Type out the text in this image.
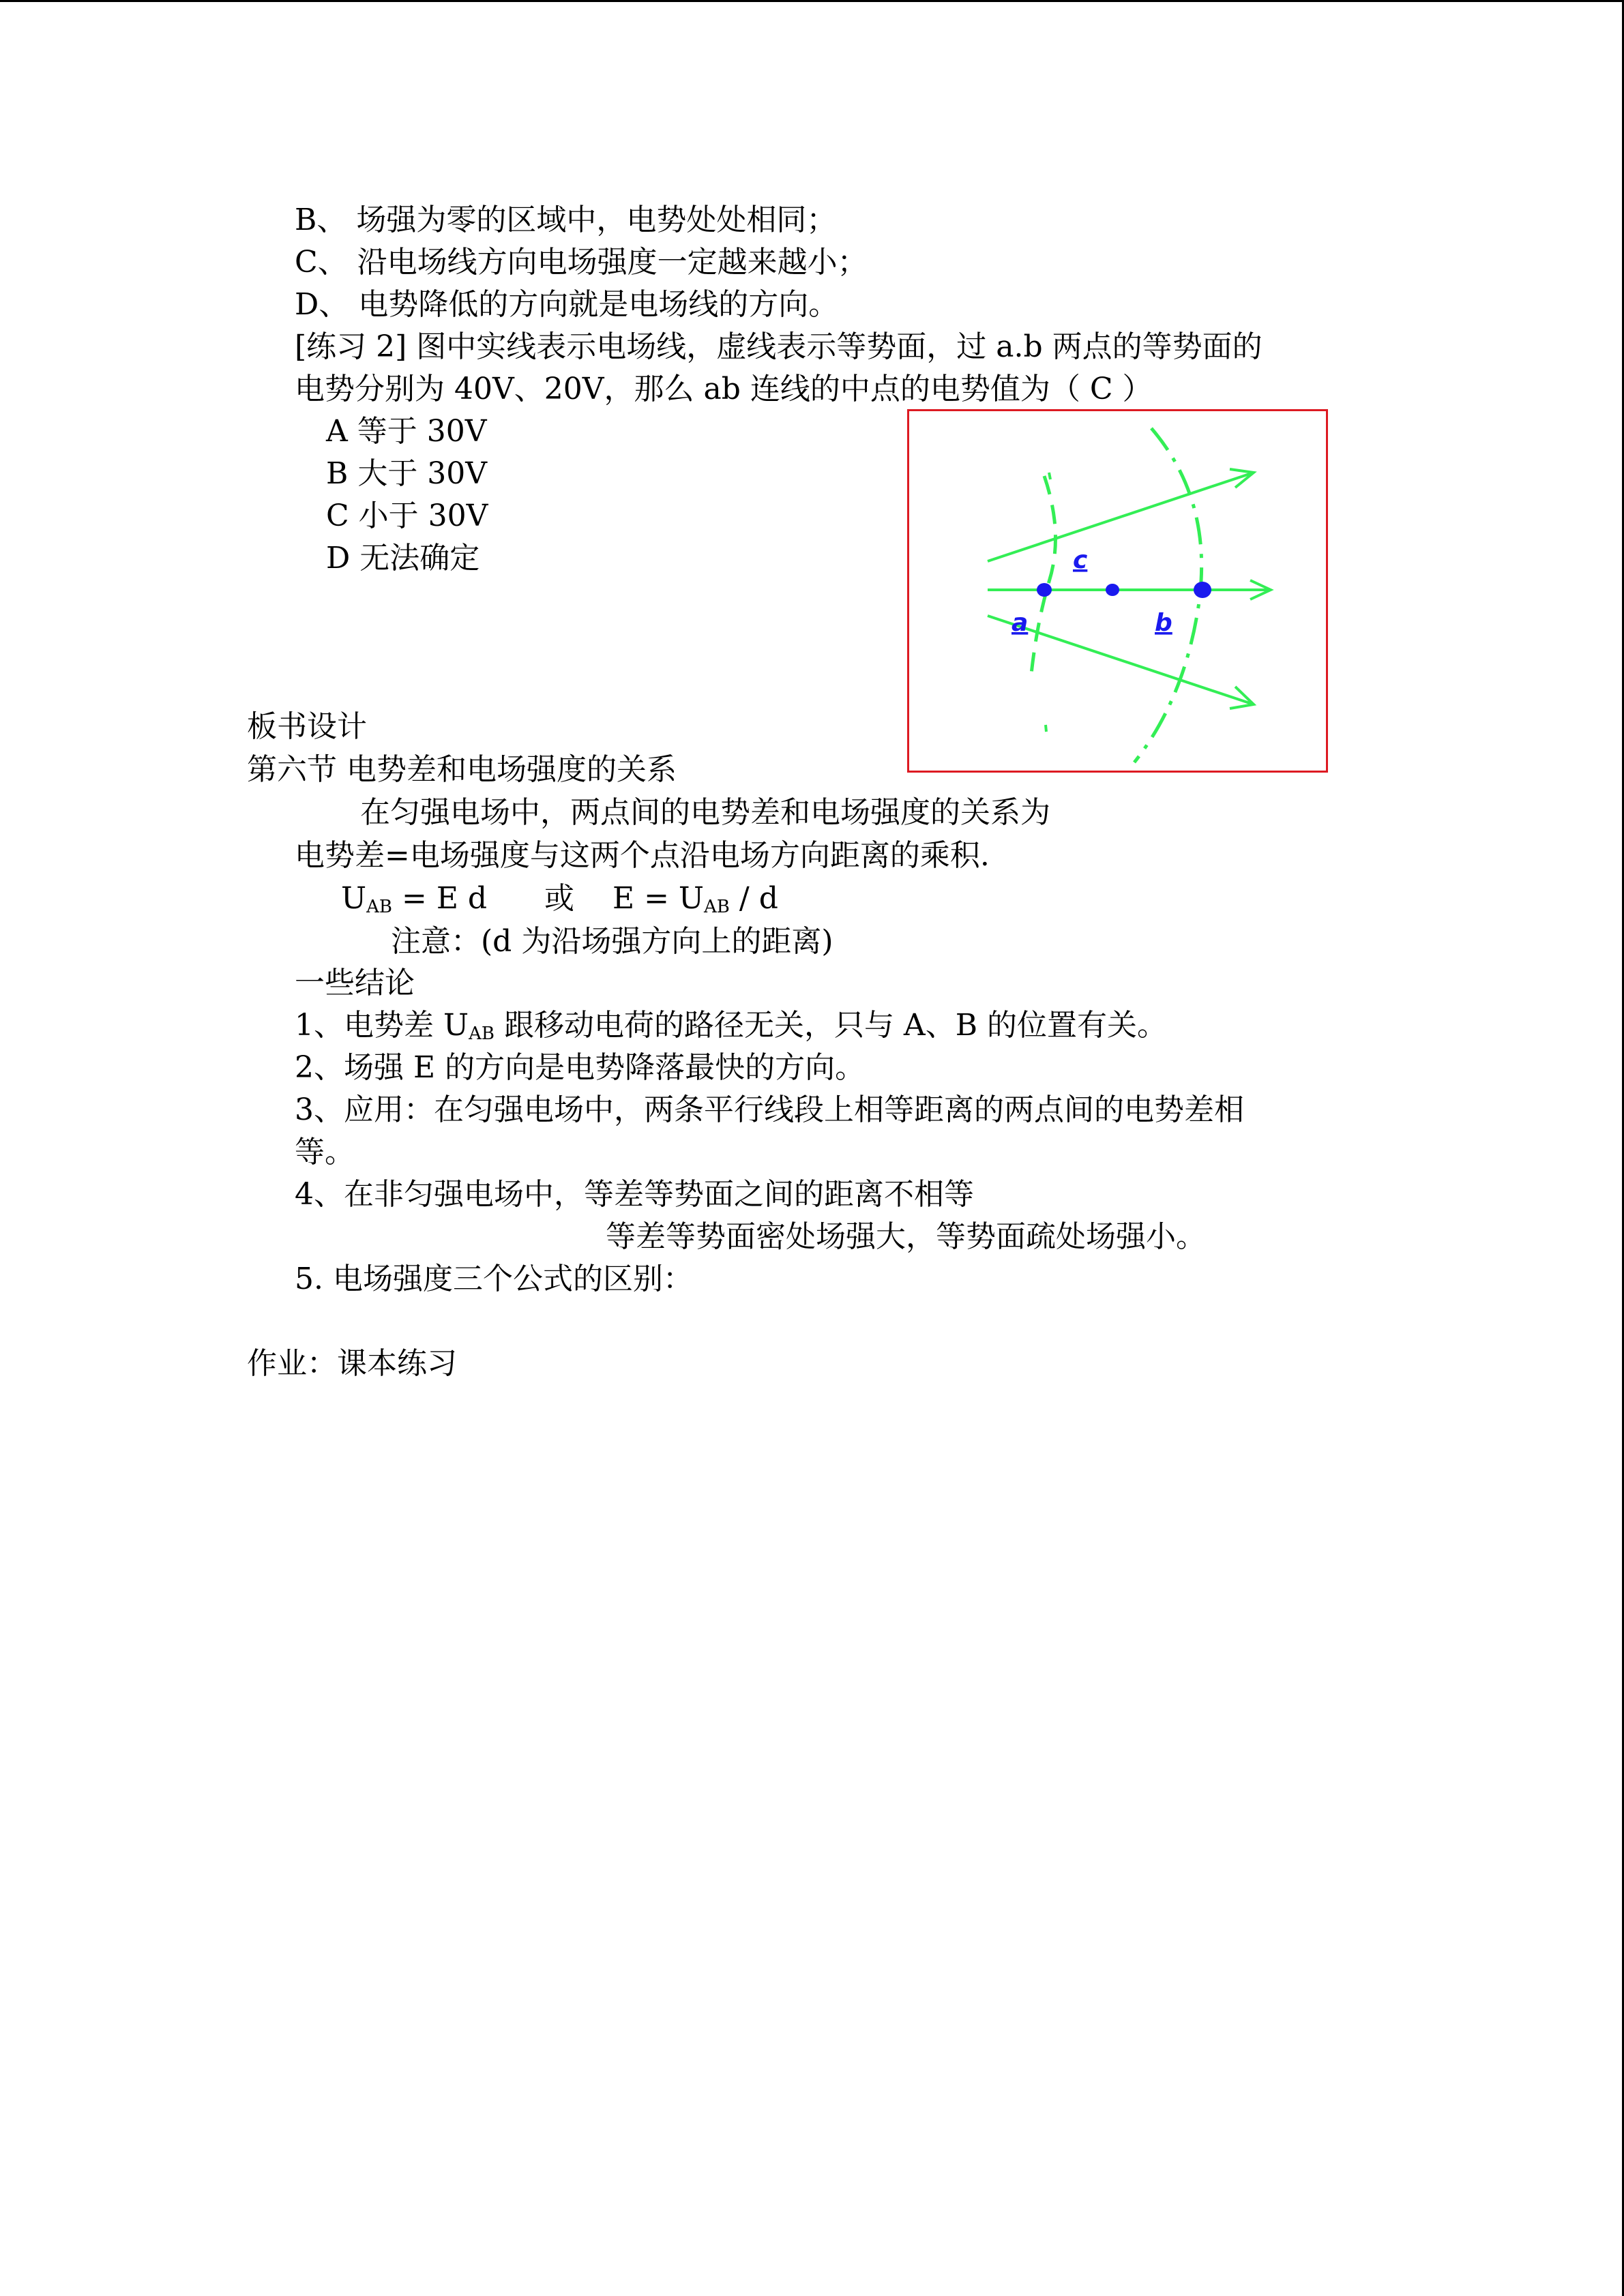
B、 场强为零的区域中，电势处处相同；
C、 沿电场线方向电场强度一定越来越小；
D、 电势降低的方向就是电场线的方向。
[练习 2] 图中实线表示电场线，虚线表示等势面，过 a.b 两点的等势面的
电势分别为 40V、20V，那么 ab 连线的中点的电势值为（ C ）
A 等于 30V
B 大于 30V
C 小于 30V
D 无法确定	c
a	b
板书设计
第六节 电势差和电场强度的关系
在匀强电场中，两点间的电势差和电场强度的关系为
电势差=电场强度与这两个点沿电场方向距离的乘积.
$U_{AB} = E$ d      或    $E = U_{AB} / d$
注意：(d 为沿场强方向上的距离)
一些结论
1、电势差 $U_{AB}$ 跟移动电荷的路径无关，只与 A、B 的位置有关。
2、场强 E 的方向是电势降落最快的方向。
3、应用：在匀强电场中，两条平行线段上相等距离的两点间的电势差相
等。
4、在非匀强电场中，等差等势面之间的距离不相等
等差等势面密处场强大，等势面疏处场强小。
5. 电场强度三个公式的区别：
作业：课本练习
